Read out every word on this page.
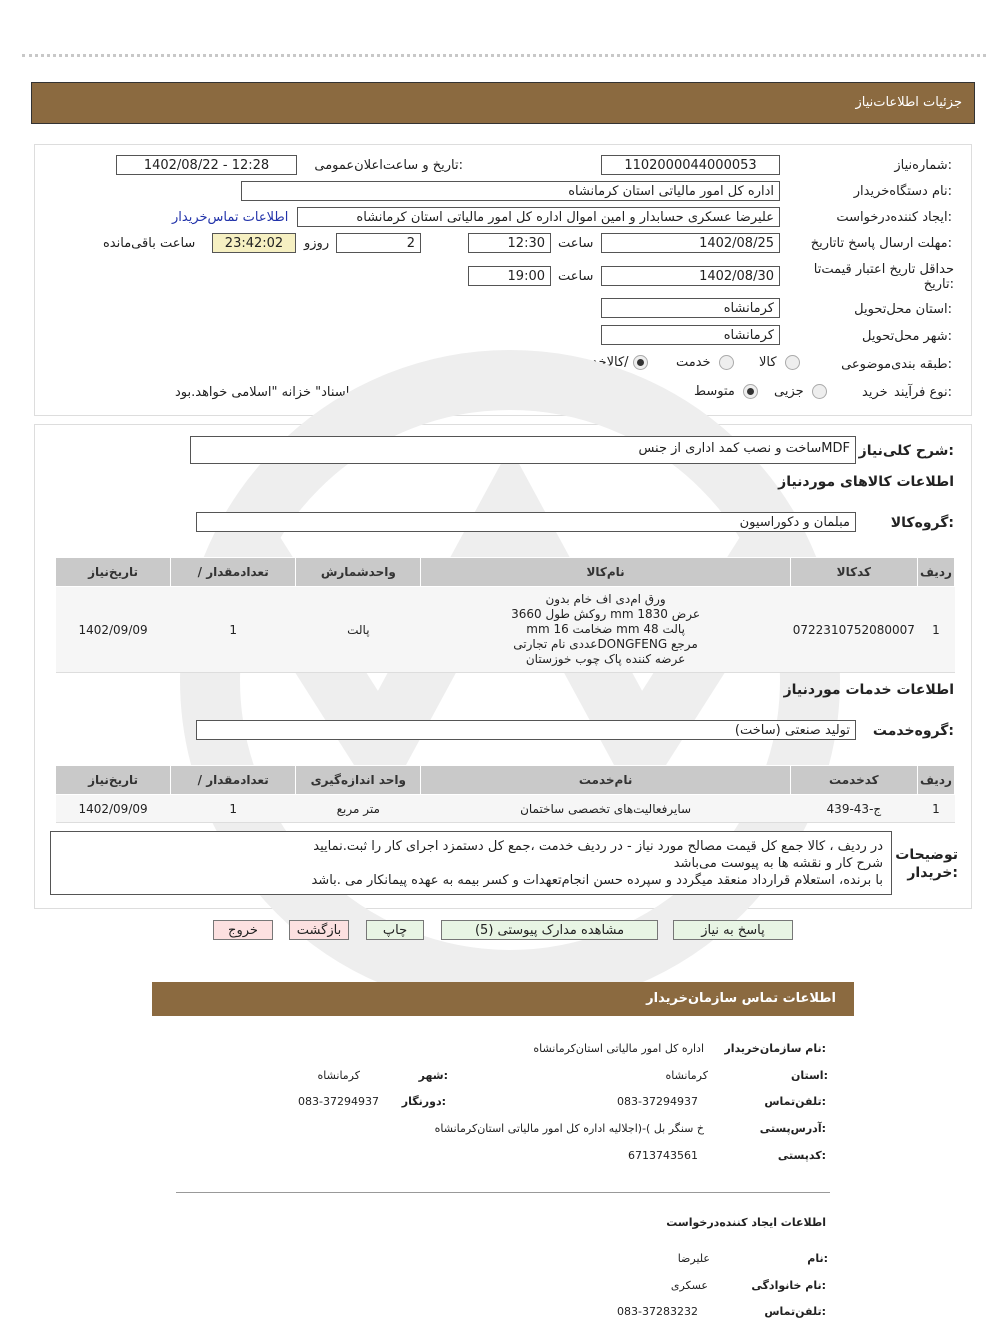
جزئیات اطلاعات‌نیاز
شماره‌نیاز:
1102000044000053
تاریخ و ساعت‌اعلان‌عمومی:
1402/08/22 - 12:28
نام دستگاه‌خریدار:
اداره کل امور مالیاتی استان کرمانشاه
ایجاد کننده‌درخواست:
علیرضا عسکری حسابدار و امین اموال اداره کل امور مالیاتی استان کرمانشاه
اطلاعات تماس‌خریدار
مهلت ارسال ‌پاسخ تا‌تاریخ:
1402/08/25
ساعت
12:30
2
روزو
23:42:02
ساعت باقی‌مانده
حداقل تاریخ اعتبار قیمت‌تا تاریخ:
1402/08/30
ساعت
19:00
استان محل‌تحویل:
کرمانشاه
شهر محل‌تحویل:
کرمانشاه
طبقه بندی‌موضوعی:
کالا
خدمت
کالا‌خدمت/
نوع فرآیند:
خرید
جزیی
متوسط
پرداخت تمام یا بخشی از مبلغ خرید،از محل اسناد" خزانه "اسلامی خواهد.بود
شرح کلی‌نیاز:
ساخت و نصب کمد اداری از جنسMDF
اطلاعات کالاهای موردنیاز
گروه‌کالا:
مبلمان و دکوراسیون
تاریخ‌نیاز	/ تعدادمقدار	واحدشمارش	نام‌کالا	کدکالا	ردیف
1402/09/09	1	پالت	ورق ام‌دی اف خام بدون
روکش طول 3660 mm عرض 1830
mm ضخامت 16 mm پالت 48
عددی نام تجارتیDONGFENG مرجع
عرضه کننده پاک چوب خوزستان	0722310752080007	1
اطلاعات خدمات موردنیاز
گروه‌خدمت:
تولید صنعتی (ساخت)
تاریخ‌نیاز	/ تعدادمقدار	واحد اندازه‌گیری	نام‌خدمت	کدخدمت	ردیف
1402/09/09	1	متر مربع	سایرفعالیت‌های تخصصی ساختمان	ج-43-439	1
توضیحات خریدار:
در ردیف ، کالا جمع کل قیمت مصالح مورد نیاز - در ردیف خدمت ،جمع کل دستمزد اجرای کار را ثبت.نمایید
شرح کار و نقشه ها به پیوست می‌باشد
با برنده، استعلام قرارداد منعقد میگردد و سپرده حسن انجام‌تعهدات و کسر بیمه به عهده پیمانکار می .باشد
پاسخ به نیاز
مشاهده مدارک پیوستی (5)
چاپ
بازگشت
خروج
اطلاعات تماس سازمان‌خریدار
نام سازمان‌خریدار:
اداره کل امور مالیاتی استان‌کرمانشاه
استان:
کرمانشاه
شهر:
کرمانشاه
تلفن‌تماس:
083-37294937
دورنگار:
083-37294937
آدرس‌پستی:
خ سنگر بل )-(اجلالیه اداره کل امور مالیاتی استان‌کرمانشاه
کد‌پستی:
6713743561
اطلاعات ایجاد کننده‌درخواست
نام:
علیرضا
نام خانوادگی:
عسکری
تلفن‌تماس:
083-37283232
